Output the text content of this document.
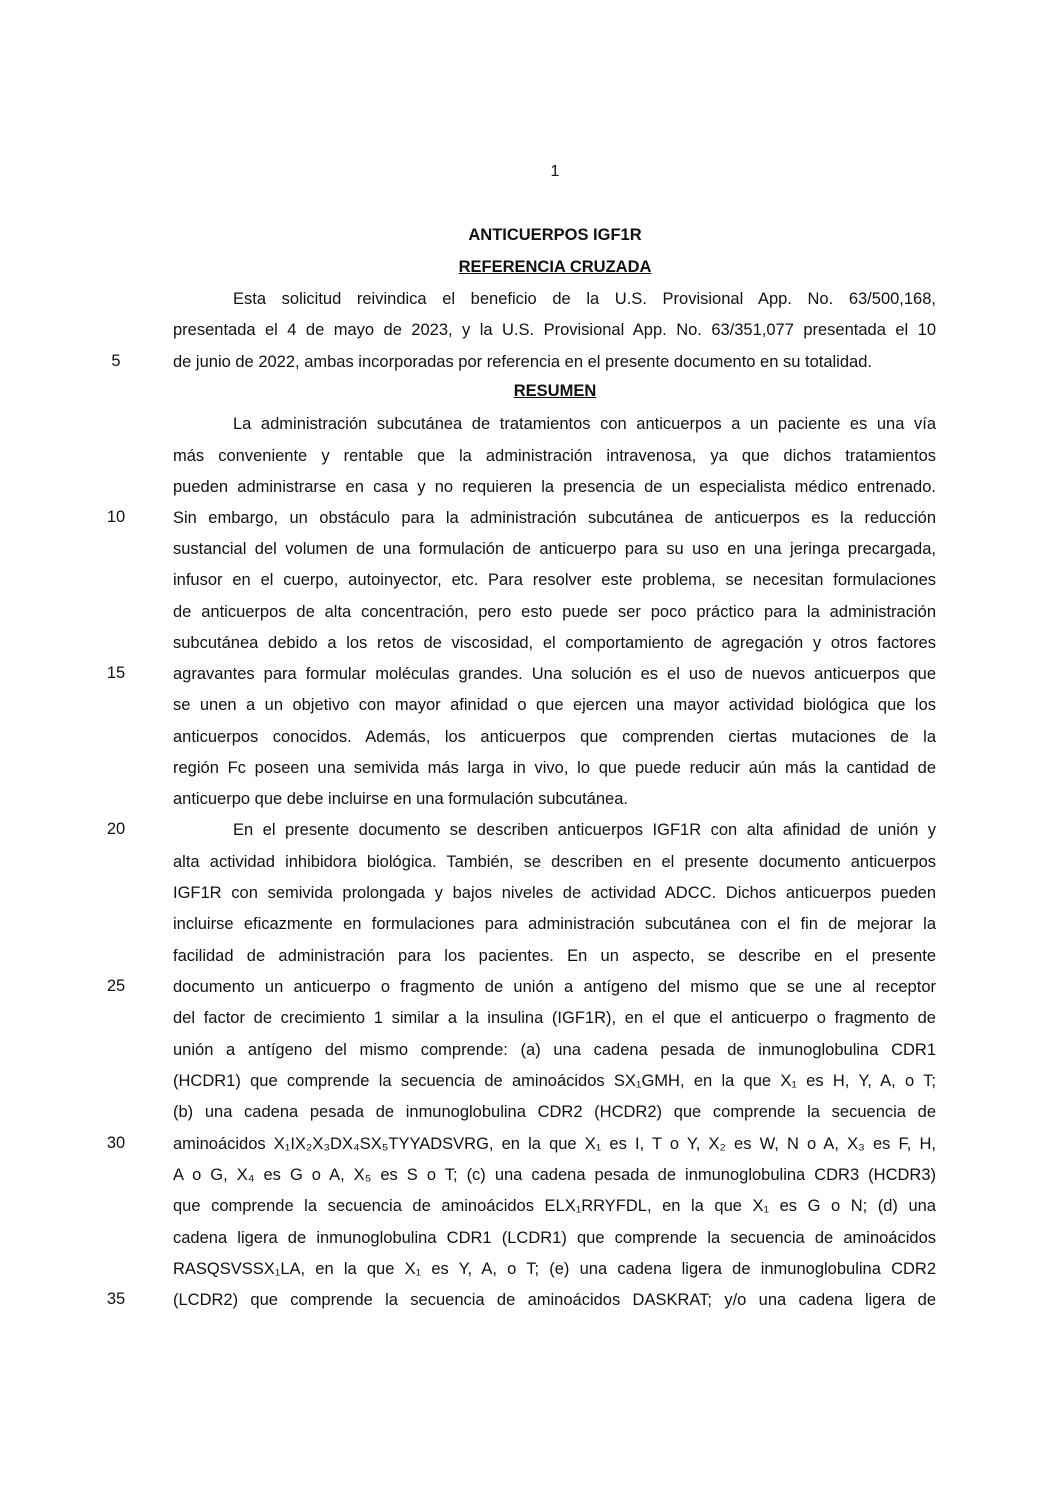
1
ANTICUERPOS IGF1R
REFERENCIA CRUZADA
RESUMEN
5
10
15
20
25
30
35
Esta solicitud reivindica el beneficio de la U.S. Provisional App. No. 63/500,168,
presentada el 4 de mayo de 2023, y la U.S. Provisional App. No. 63/351,077 presentada el 10
de junio de 2022, ambas incorporadas por referencia en el presente documento en su totalidad.
La administración subcutánea de tratamientos con anticuerpos a un paciente es una vía
más conveniente y rentable que la administración intravenosa, ya que dichos tratamientos
pueden administrarse en casa y no requieren la presencia de un especialista médico entrenado.
Sin embargo, un obstáculo para la administración subcutánea de anticuerpos es la reducción
sustancial del volumen de una formulación de anticuerpo para su uso en una jeringa precargada,
infusor en el cuerpo, autoinyector, etc. Para resolver este problema, se necesitan formulaciones
de anticuerpos de alta concentración, pero esto puede ser poco práctico para la administración
subcutánea debido a los retos de viscosidad, el comportamiento de agregación y otros factores
agravantes para formular moléculas grandes. Una solución es el uso de nuevos anticuerpos que
se unen a un objetivo con mayor afinidad o que ejercen una mayor actividad biológica que los
anticuerpos conocidos. Además, los anticuerpos que comprenden ciertas mutaciones de la
región Fc poseen una semivida más larga in vivo, lo que puede reducir aún más la cantidad de
anticuerpo que debe incluirse en una formulación subcutánea.
En el presente documento se describen anticuerpos IGF1R con alta afinidad de unión y
alta actividad inhibidora biológica. También, se describen en el presente documento anticuerpos
IGF1R con semivida prolongada y bajos niveles de actividad ADCC. Dichos anticuerpos pueden
incluirse eficazmente en formulaciones para administración subcutánea con el fin de mejorar la
facilidad de administración para los pacientes. En un aspecto, se describe en el presente
documento un anticuerpo o fragmento de unión a antígeno del mismo que se une al receptor
del factor de crecimiento 1 similar a la insulina (IGF1R), en el que el anticuerpo o fragmento de
unión a antígeno del mismo comprende: (a) una cadena pesada de inmunoglobulina CDR1
(HCDR1) que comprende la secuencia de aminoácidos SX₁GMH, en la que X₁ es H, Y, A, o T;
(b) una cadena pesada de inmunoglobulina CDR2 (HCDR2) que comprende la secuencia de
aminoácidos X₁IX₂X₃DX₄SX₅TYYADSVRG, en la que X₁ es I, T o Y, X₂ es W, N o A, X₃ es F, H,
A o G, X₄ es G o A, X₅ es S o T; (c) una cadena pesada de inmunoglobulina CDR3 (HCDR3)
que comprende la secuencia de aminoácidos ELX₁RRYFDL, en la que X₁ es G o N; (d) una
cadena ligera de inmunoglobulina CDR1 (LCDR1) que comprende la secuencia de aminoácidos
RASQSVSSX₁LA, en la que X₁ es Y, A, o T; (e) una cadena ligera de inmunoglobulina CDR2
(LCDR2) que comprende la secuencia de aminoácidos DASKRAT; y/o una cadena ligera de
